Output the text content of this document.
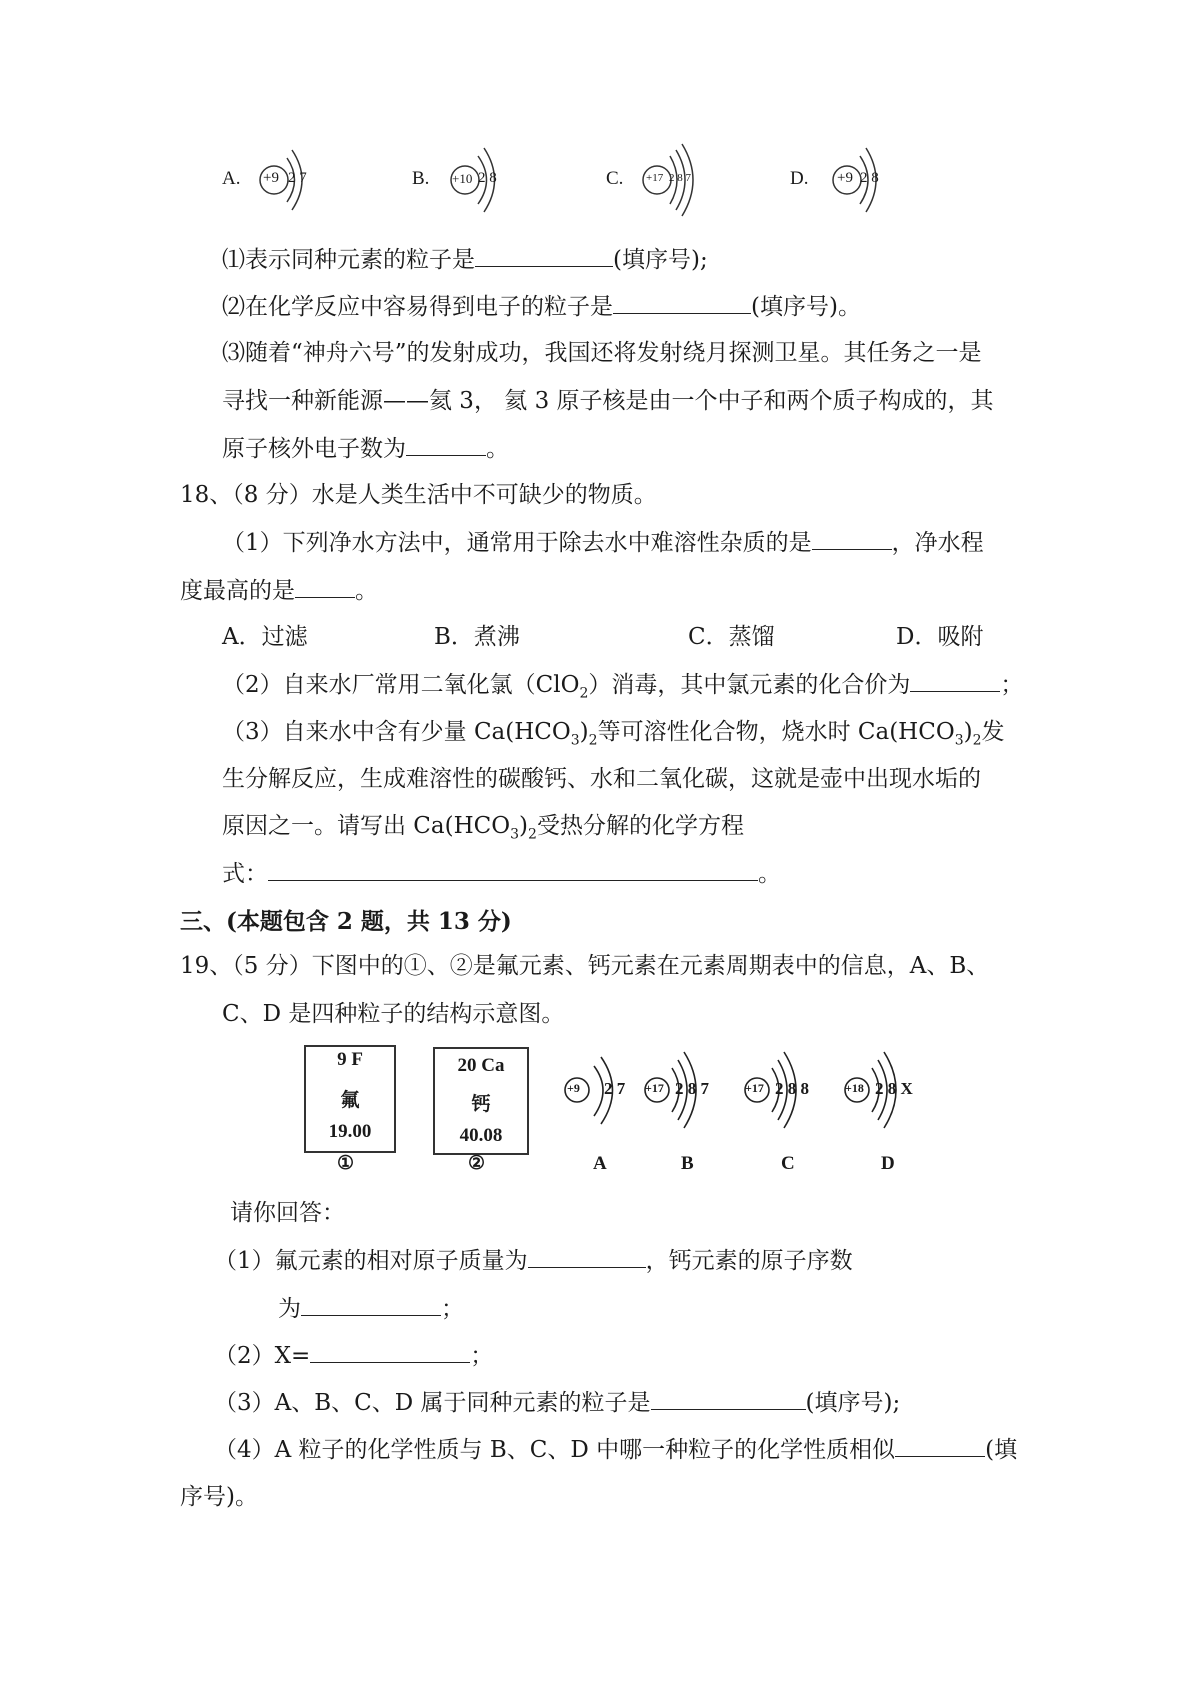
A.	B.	C.	D.
+9 2 7	+10 2 8	+17 2 8 7	+9 2 8
⑴表示同种元素的粒子是	(填序号);
⑵在化学反应中容易得到电子的粒子是	(填序号)。
⑶随着“神舟六号”的发射成功，我国还将发射绕月探测卫星。其任务之一是
寻找一种新能源——氦 3， 氦 3 原子核是由一个中子和两个质子构成的，其
原子核外电子数为	。
18、（8 分）水是人类生活中不可缺少的物质。
（1）下列净水方法中，通常用于除去水中难溶性杂质的是	，净水程
度最高的是	。
A．过滤	B．煮沸	C．蒸馏	D．吸附
（2）自来水厂常用二氧化氯（ClO$_2$）消毒，其中氯元素的化合价为	；
（3）自来水中含有少量 $Ca(HCO_3)_2$等可溶性化合物，烧水时 $Ca(HCO_3)_2$发
生分解反应，生成难溶性的碳酸钙、水和二氧化碳，这就是壶中出现水垢的
原因之一。请写出 $Ca(HCO_3)_2$受热分解的化学方程
式：	。
三、(本题包含 2 题，共 13 分)
19、（5 分）下图中的①、②是氟元素、钙元素在元素周期表中的信息，A、B、
C、D 是四种粒子的结构示意图。
9 F
氟
19.00
20 Ca
钙
40.08
①	②
+9 2 7 +17 2 8 7	+17 2 8 8	+18 2 8 X
A	B	C	D
请你回答：
（1）氟元素的相对原子质量为	，钙元素的原子序数
为	；
（2）X=	；
（3）A、B、C、D 属于同种元素的粒子是	(填序号);
（4）A 粒子的化学性质与 B、C、D 中哪一种粒子的化学性质相似	(填
序号)。
